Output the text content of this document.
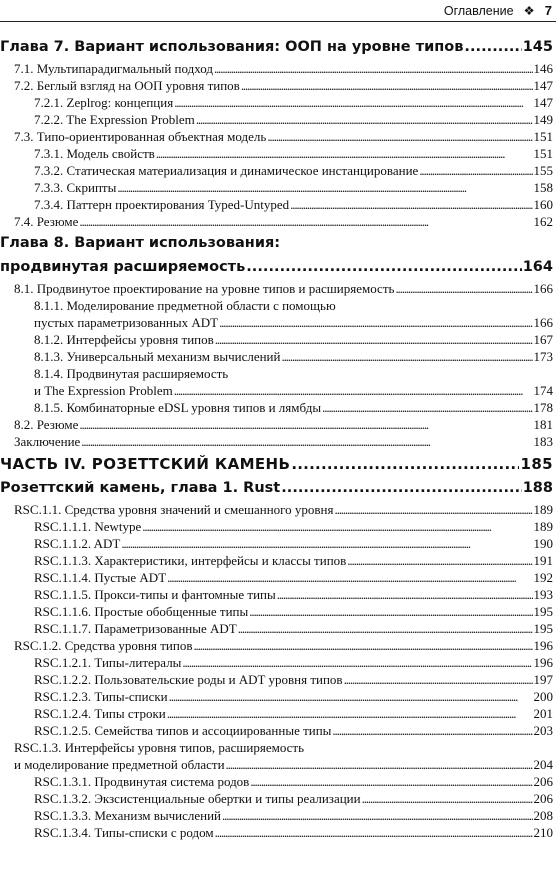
Оглавление ❖ 7
Глава 7. Вариант использования: ООП на уровне типов . . .	145
7.1. Мультипарадигмальный подход . . .	146
7.2. Беглый взгляд на ООП уровня типов . . .	147
7.2.1. Zeplrog: концепция . . .	147
7.2.2. The Expression Problem . . .	149
7.3. Типо-ориентированная объектная модель . . .	151
7.3.1. Модель свойств . . .	151
7.3.2. Статическая материализация и динамическое инстанцирование . . .	155
7.3.3. Скрипты . . .	158
7.3.4. Паттерн проектирования Typed-Untyped . . .	160
7.4. Резюме . . .	162
Глава 8. Вариант использования:
продвинутая расширяемость . . .	164
8.1. Продвинутое проектирование на уровне типов и расширяемость . . .	166
8.1.1. Моделирование предметной области с помощью
пустых параметризованных ADT . . .	166
8.1.2. Интерфейсы уровня типов . . .	167
8.1.3. Универсальный механизм вычислений . . .	173
8.1.4. Продвинутая расширяемость
и The Expression Problem . . .	174
8.1.5. Комбинаторные eDSL уровня типов и лямбды . . .	178
8.2. Резюме . . .	181
Заключение . . .	183
ЧАСТЬ IV. РОЗЕТТСКИЙ КАМЕНЬ . . .	185
Розеттский камень, глава 1. Rust . . .	188
RSC.1.1. Средства уровня значений и смешанного уровня . . .	189
RSC.1.1.1. Newtype . . .	189
RSC.1.1.2. ADT . . .	190
RSC.1.1.3. Характеристики, интерфейсы и классы типов . . .	191
RSC.1.1.4. Пустые ADT . . .	192
RSC.1.1.5. Прокси-типы и фантомные типы . . .	193
RSC.1.1.6. Простые обобщенные типы . . .	195
RSC.1.1.7. Параметризованные ADT . . .	195
RSC.1.2. Средства уровня типов . . .	196
RSC.1.2.1. Типы-литералы . . .	196
RSC.1.2.2. Пользовательские роды и ADT уровня типов . . .	197
RSC.1.2.3. Типы-списки . . .	200
RSC.1.2.4. Типы строки . . .	201
RSC.1.2.5. Семейства типов и ассоциированные типы . . .	203
RSC.1.3. Интерфейсы уровня типов, расширяемость
и моделирование предметной области . . .	204
RSC.1.3.1. Продвинутая система родов . . .	206
RSC.1.3.2. Экзсистенциальные обертки и типы реализации . . .	206
RSC.1.3.3. Механизм вычислений . . .	208
RSC.1.3.4. Типы-списки с родом . . .	210
